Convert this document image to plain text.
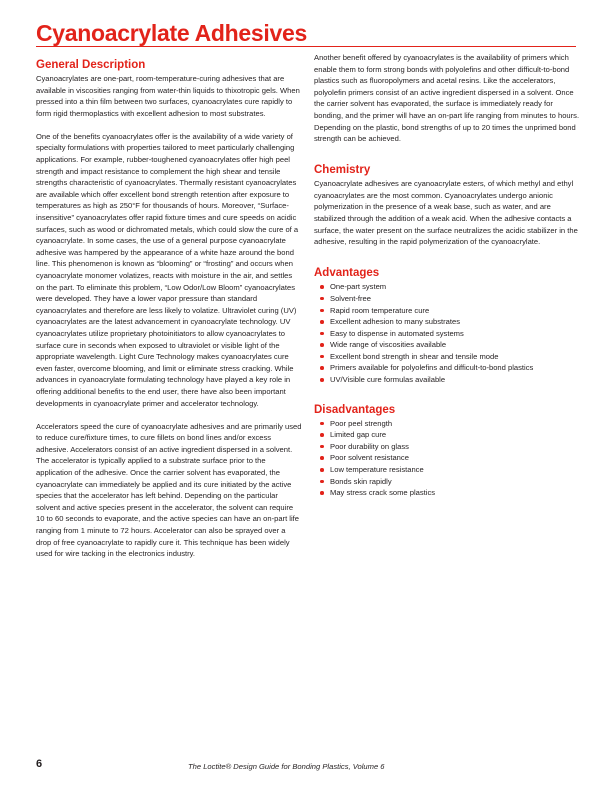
Cyanoacrylate Adhesives
General Description

Cyanoacrylates are one-part, room-temperature-curing adhesives that are available in viscosities ranging from water-thin liquids to thixotropic gels. When pressed into a thin film between two surfaces, cyanoacrylates cure rapidly to form rigid thermoplastics with excellent adhesion to most substrates.

One of the benefits cyanoacrylates offer is the availability of a wide variety of specialty formulations with properties tailored to meet particularly challenging applications. For example, rubber-toughened cyanoacrylates offer high peel strength and impact resistance to complement the high shear and tensile strengths characteristic of cyanoacrylates. Thermally resistant cyanoacrylates are available which offer excellent bond strength retention after exposure to temperatures as high as 250°F for thousands of hours. Moreover, “Surface-insensitive” cyanoacrylates offer rapid fixture times and cure speeds on acidic surfaces, such as wood or dichromated metals, which could slow the cure of a cyanoacrylate. In some cases, the use of a general purpose cyanoacrylate adhesive was hampered by the appearance of a white haze around the bond line. This phenomenon is known as “blooming” or “frosting” and occurs when cyanoacrylate monomer volatizes, reacts with moisture in the air, and settles on the part. To eliminate this problem, “Low Odor/Low Bloom” cyanoacrylates were developed. They have a lower vapor pressure than standard cyanoacrylates and therefore are less likely to volatize. Ultraviolet curing (UV) cyanoacrylates are the latest advancement in cyanoacrylate technology. UV cyanoacrylates utilize proprietary photoinitiators to allow cyanoacrylates to surface cure in seconds when exposed to ultraviolet or visible light of the appropriate wavelength. Light Cure Technology makes cyanoacrylates cure even faster, overcome blooming, and limit or eliminate stress cracking. While advances in cyanoacrylate formulating technology have played a key role in offering additional benefits to the end user, there have also been important developments in cyanoacrylate primer and accelerator technology.

Accelerators speed the cure of cyanoacrylate adhesives and are primarily used to reduce cure/fixture times, to cure fillets on bond lines and/or excess adhesive. Accelerators consist of an active ingredient dispersed in a solvent. The accelerator is typically applied to a substrate surface prior to the application of the adhesive. Once the carrier solvent has evaporated, the cyanoacrylate can immediately be applied and its cure initiated by the active species that the accelerator has left behind. Depending on the particular solvent and active species present in the accelerator, the solvent can require 10 to 60 seconds to evaporate, and the active species can have an on-part life ranging from 1 minute to 72 hours. Accelerator can also be sprayed over a drop of free cyanoacrylate to rapidly cure it. This technique has been widely used for wire tacking in the electronics industry.

Another benefit offered by cyanoacrylates is the availability of primers which enable them to form strong bonds with polyolefins and other difficult-to-bond plastics such as fluoropolymers and acetal resins. Like the accelerators, polyolefin primers consist of an active ingredient dispersed in a solvent. Once the carrier solvent has evaporated, the surface is immediately ready for bonding, and the primer will have an on-part life ranging from minutes to hours. Depending on the plastic, bond strengths of up to 20 times the unprimed bond strength can be achieved.

Chemistry

Cyanoacrylate adhesives are cyanoacrylate esters, of which methyl and ethyl cyanoacrylates are the most common. Cyanoacrylates undergo anionic polymerization in the presence of a weak base, such as water, and are stabilized through the addition of a weak acid. When the adhesive contacts a surface, the water present on the surface neutralizes the acidic stabilizer in the adhesive, resulting in the rapid polymerization of the cyanoacrylate.

Advantages
One-part system
Solvent-free
Rapid room temperature cure
Excellent adhesion to many substrates
Easy to dispense in automated systems
Wide range of viscosities available
Excellent bond strength in shear and tensile mode
Primers available for polyolefins and difficult-to-bond plastics
UV/Visible cure formulas available
Disadvantages
Poor peel strength
Limited gap cure
Poor durability on glass
Poor solvent resistance
Low temperature resistance
Bonds skin rapidly
May stress crack some plastics
6	The Loctite® Design Guide for Bonding Plastics, Volume 6
